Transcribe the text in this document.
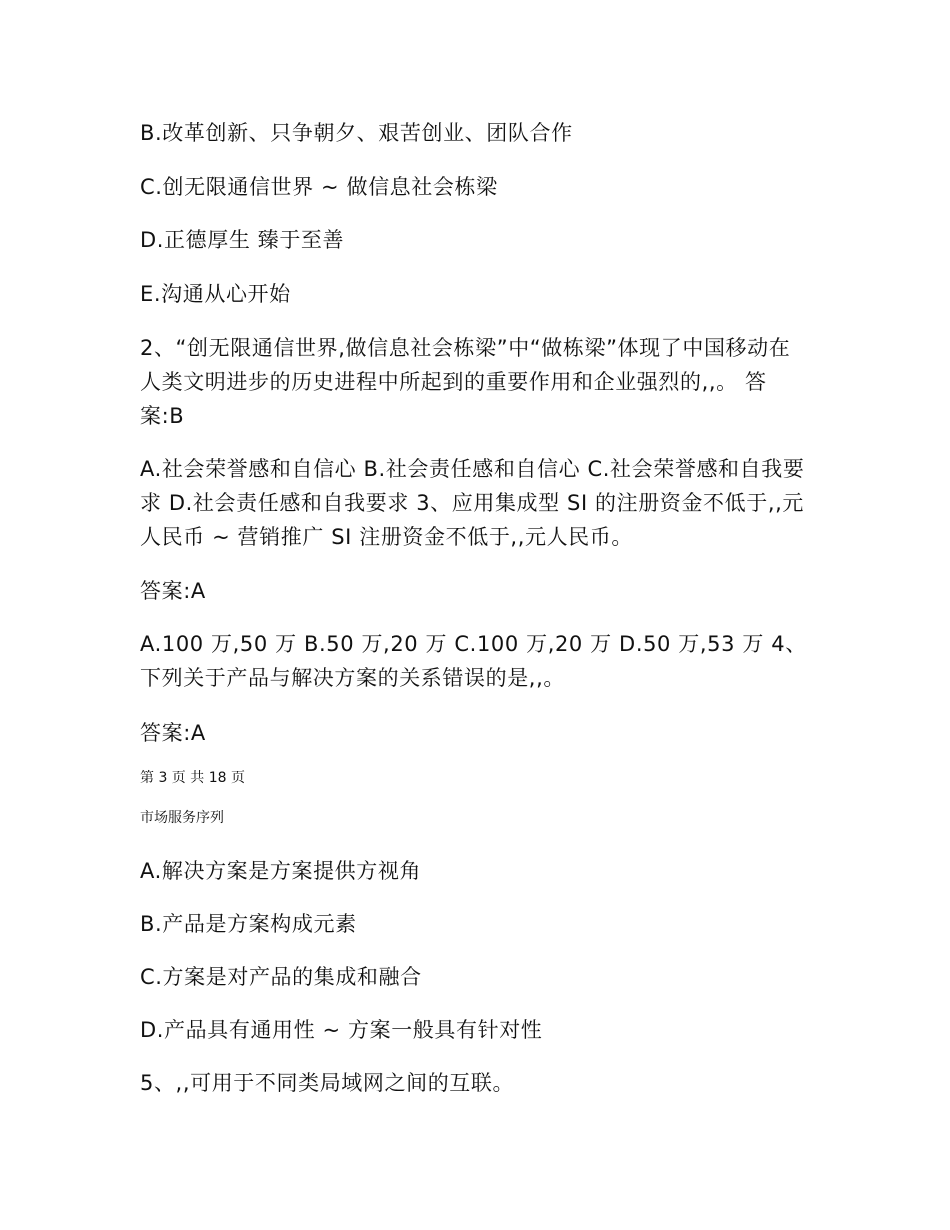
B.改革创新、只争朝夕、艰苦创业、团队合作

C.创无限通信世界 ~ 做信息社会栋梁

D.正德厚生 臻于至善

E.沟通从心开始

2、“创无限通信世界,做信息社会栋梁”中“做栋梁”体现了中国移动在人类文明进步的历史进程中所起到的重要作用和企业强烈的,,。 答案:B

A.社会荣誉感和自信心 B.社会责任感和自信心 C.社会荣誉感和自我要求 D.社会责任感和自我要求 3、应用集成型 SI 的注册资金不低于,,元人民币 ~ 营销推广 SI 注册资金不低于,,元人民币。

答案:A

A.100 万,50 万 B.50 万,20 万 C.100 万,20 万 D.50 万,53 万 4、下列关于产品与解决方案的关系错误的是,,。

答案:A

第 3 页 共 18 页

市场服务序列

A.解决方案是方案提供方视角

B.产品是方案构成元素

C.方案是对产品的集成和融合

D.产品具有通用性 ~ 方案一般具有针对性

5、,,可用于不同类局域网之间的互联。
